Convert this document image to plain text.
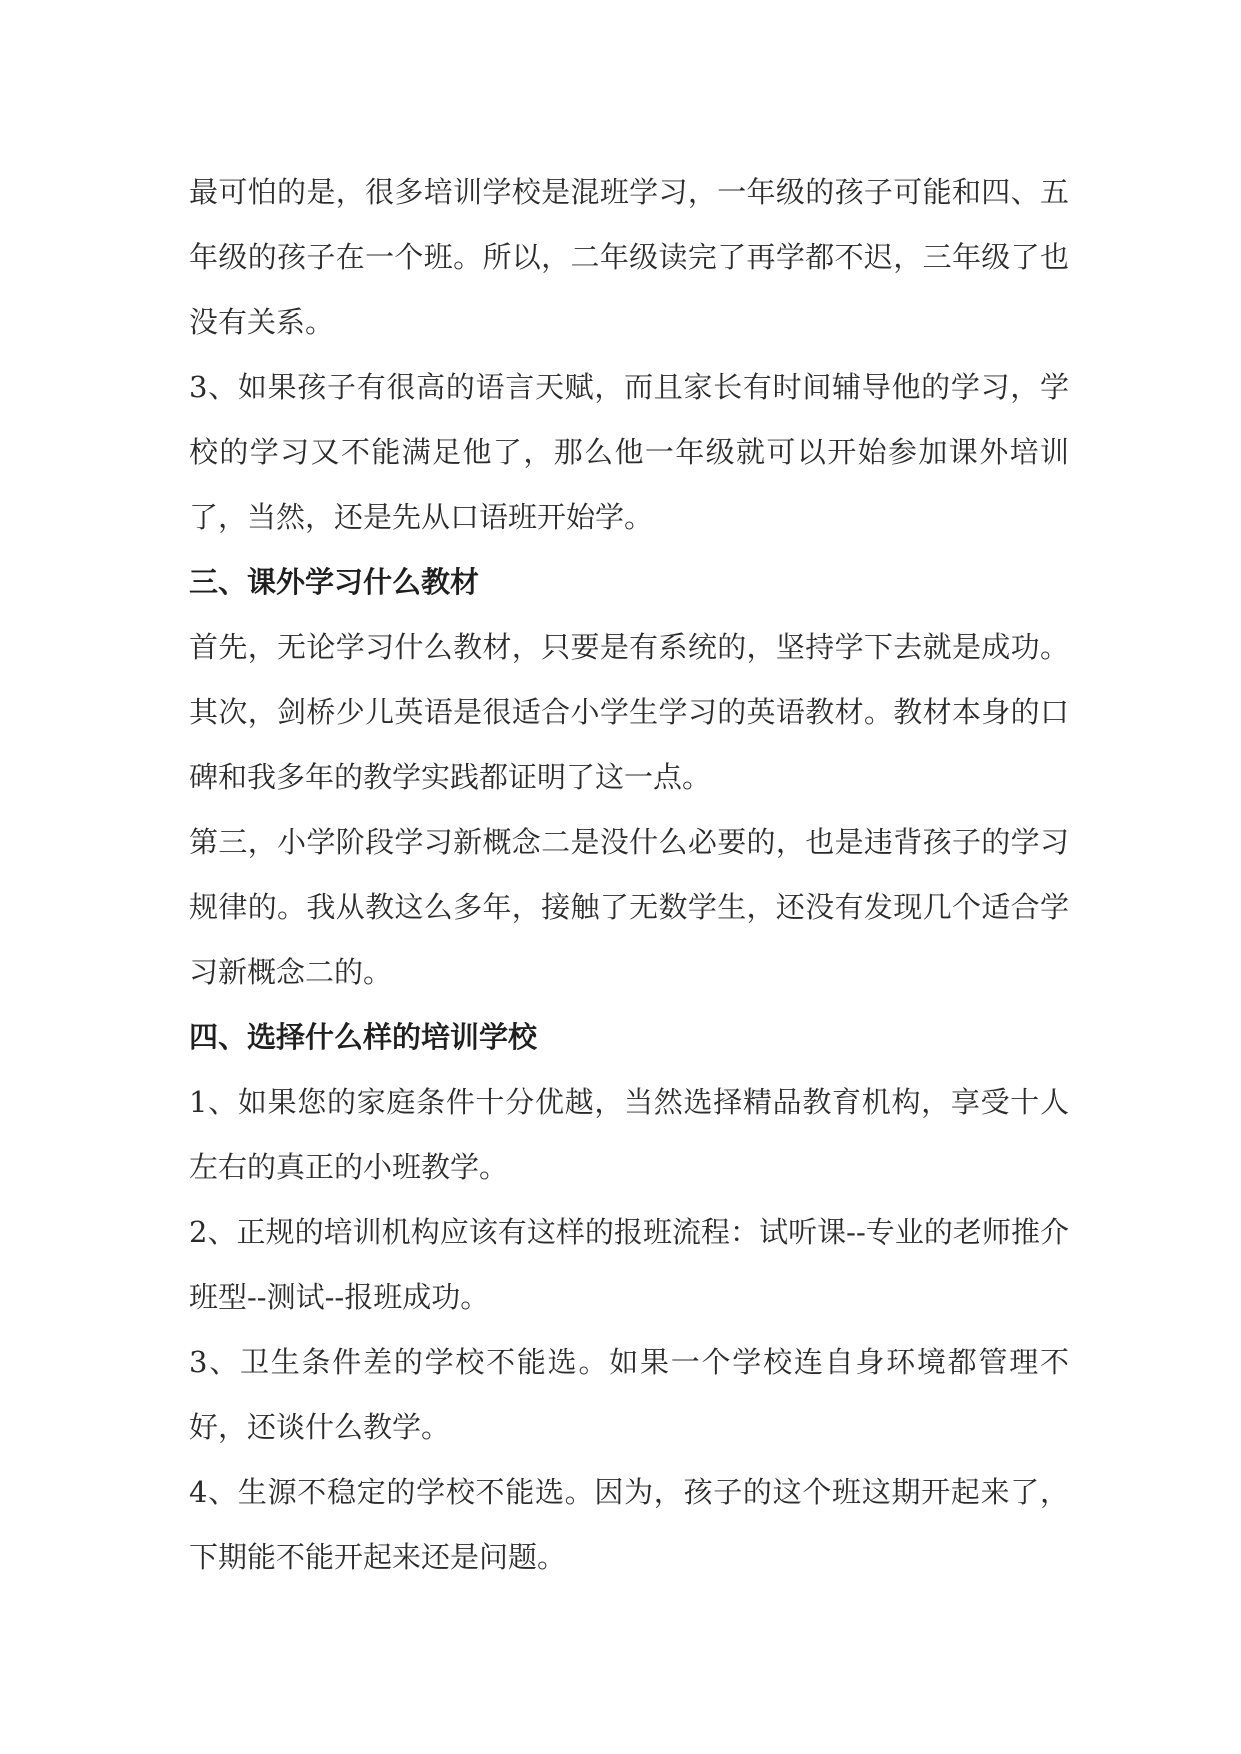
最可怕的是，很多培训学校是混班学习，一年级的孩子可能和四、五年级的孩子在一个班。所以，二年级读完了再学都不迟，三年级了也没有关系。

3、如果孩子有很高的语言天赋，而且家长有时间辅导他的学习，学校的学习又不能满足他了，那么他一年级就可以开始参加课外培训了，当然，还是先从口语班开始学。

三、课外学习什么教材

首先，无论学习什么教材，只要是有系统的，坚持学下去就是成功。其次，剑桥少儿英语是很适合小学生学习的英语教材。教材本身的口碑和我多年的教学实践都证明了这一点。

第三，小学阶段学习新概念二是没什么必要的，也是违背孩子的学习规律的。我从教这么多年，接触了无数学生，还没有发现几个适合学习新概念二的。

四、选择什么样的培训学校

1、如果您的家庭条件十分优越，当然选择精品教育机构，享受十人左右的真正的小班教学。

2、正规的培训机构应该有这样的报班流程：试听课--专业的老师推介班型--测试--报班成功。

3、卫生条件差的学校不能选。如果一个学校连自身环境都管理不好，还谈什么教学。

4、生源不稳定的学校不能选。因为，孩子的这个班这期开起来了，下期能不能开起来还是问题。
